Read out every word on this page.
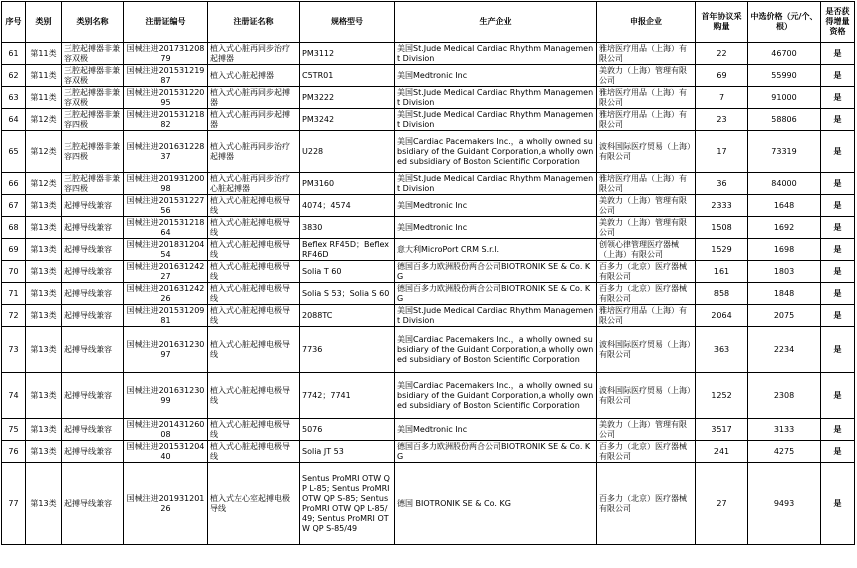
序号	类别	类别名称	注册证编号	注册证名称	规格型号	生产企业	申报企业	首年协议采购量	中选价格（元/个、根）	是否获得增量资格
61	第11类	三腔起搏器非兼容双极	国械注进20173120879	植入式心脏再同步治疗起搏器	PM3112	美国St.Jude Medical Cardiac Rhythm Management Division	雅培医疗用品（上海）有限公司	22	46700	是
62	第11类	三腔起搏器非兼容双极	国械注进20153121987	植入式心脏起搏器	C5TR01	美国Medtronic Inc	美敦力（上海）管理有限公司	69	55990	是
63	第11类	三腔起搏器非兼容双极	国械注进20153122095	植入式心脏再同步起搏器	PM3222	美国St.Jude Medical Cardiac Rhythm Management Division	雅培医疗用品（上海）有限公司	7	91000	是
64	第12类	三腔起搏器非兼容四极	国械注进20153121882	植入式心脏再同步起搏器	PM3242	美国St.Jude Medical Cardiac Rhythm Management Division	雅培医疗用品（上海）有限公司	23	58806	是
65	第12类	三腔起搏器非兼容四极	国械注进20163122837	植入式心脏再同步治疗起搏器	U228	美国Cardiac Pacemakers Inc.，a wholly owned subsidiary of the Guidant Corporation,a wholly owned subsidiary of Boston Scientific Corporation	波科国际医疗贸易（上海）有限公司	17	73319	是
66	第12类	三腔起搏器非兼容四极	国械注进20193120098	植入式心脏再同步治疗心脏起搏器	PM3160	美国St.Jude Medical Cardiac Rhythm Management Division	雅培医疗用品（上海）有限公司	36	84000	是
67	第13类	起搏导线兼容	国械注进20153122756	植入式心脏起搏电极导线	4074；4574	美国Medtronic Inc	美敦力（上海）管理有限公司	2333	1648	是
68	第13类	起搏导线兼容	国械注进20153121864	植入式心脏起搏电极导线	3830	美国Medtronic Inc	美敦力（上海）管理有限公司	1508	1692	是
69	第13类	起搏导线兼容	国械注进20183120454	植入式心脏起搏电极导线	Beflex RF45D；Beflex RF46D	意大利MicroPort CRM S.r.l.	创领心律管理医疗器械（上海）有限公司	1529	1698	是
70	第13类	起搏导线兼容	国械注进20163124227	植入式心脏起搏电极导线	Solia T 60	德国百多力欧洲股份两合公司BIOTRONIK SE & Co. KG	百多力（北京）医疗器械有限公司	161	1803	是
71	第13类	起搏导线兼容	国械注进20163124226	植入式心脏起搏电极导线	Solia S 53；Solia S 60	德国百多力欧洲股份两合公司BIOTRONIK SE & Co. KG	百多力（北京）医疗器械有限公司	858	1848	是
72	第13类	起搏导线兼容	国械注进20153120981	植入式心脏起搏电极导线	2088TC	美国St.Jude Medical Cardiac Rhythm Management Division	雅培医疗用品（上海）有限公司	2064	2075	是
73	第13类	起搏导线兼容	国械注进20163123097	植入式心脏起搏电极导线	7736	美国Cardiac Pacemakers Inc.，a wholly owned subsidiary of the Guidant Corporation,a wholly owned subsidiary of Boston Scientific Corporation	波科国际医疗贸易（上海）有限公司	363	2234	是
74	第13类	起搏导线兼容	国械注进20163123099	植入式心脏起搏电极导线	7742；7741	美国Cardiac Pacemakers Inc.，a wholly owned subsidiary of the Guidant Corporation,a wholly owned subsidiary of Boston Scientific Corporation	波科国际医疗贸易（上海）有限公司	1252	2308	是
75	第13类	起搏导线兼容	国械注进20143126008	植入式心脏起搏电极导线	5076	美国Medtronic Inc	美敦力（上海）管理有限公司	3517	3133	是
76	第13类	起搏导线兼容	国械注进20153120440	植入式心脏起搏电极导线	Solia JT 53	德国百多力欧洲股份两合公司BIOTRONIK SE & Co. KG	百多力（北京）医疗器械有限公司	241	4275	是
77	第13类	起搏导线兼容	国械注进20193120126	植入式左心室起搏电极导线	Sentus ProMRI OTW QP L-85; Sentus ProMRI OTW QP S-85; Sentus ProMRI OTW QP L-85/49; Sentus ProMRI OTW QP S-85/49	德国 BIOTRONIK SE & Co. KG	百多力（北京）医疗器械有限公司	27	9493	是
